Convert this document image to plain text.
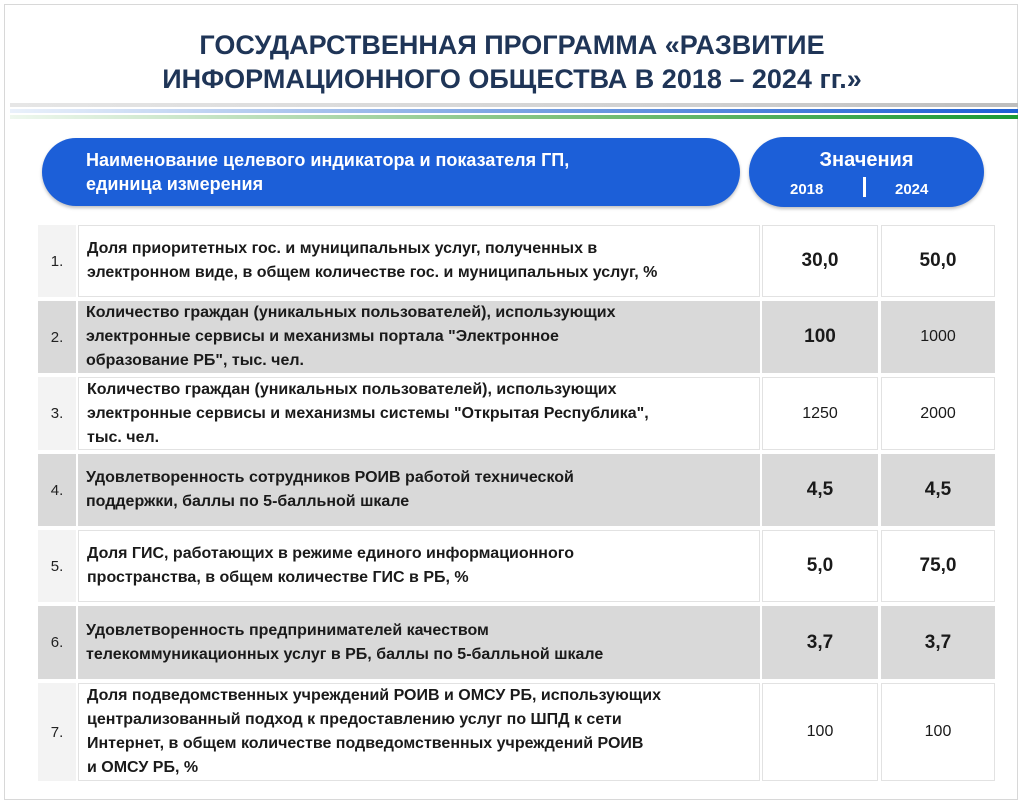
ГОСУДАРСТВЕННАЯ ПРОГРАММА «РАЗВИТИЕ
ИНФОРМАЦИОННОГО ОБЩЕСТВА В 2018 – 2024 гг.»
Наименование целевого индикатора и показателя ГП,
единица измерения
Значения
2018	2024
1.
Доля приоритетных гос. и муниципальных услуг, полученных в
электронном виде, в общем количестве гос. и муниципальных услуг, %
30,0	50,0
2.
Количество граждан (уникальных пользователей), использующих
электронные сервисы и механизмы портала "Электронное
образование РБ", тыс. чел.
100	1000
3.
Количество граждан (уникальных пользователей), использующих
электронные сервисы и механизмы системы "Открытая Республика",
тыс. чел.
1250	2000
4.
Удовлетворенность сотрудников РОИВ работой технической
поддержки, баллы по 5-балльной шкале
4,5	4,5
5.
Доля ГИС, работающих в режиме единого информационного
пространства, в общем количестве ГИС в РБ, %
5,0	75,0
6.
Удовлетворенность предпринимателей качеством
телекоммуникационных услуг в РБ, баллы по 5-балльной шкале
3,7	3,7
7.
Доля подведомственных учреждений РОИВ и ОМСУ РБ, использующих
централизованный подход к предоставлению услуг по ШПД к сети
Интернет, в общем количестве подведомственных учреждений РОИВ
и ОМСУ РБ, %
100	100
